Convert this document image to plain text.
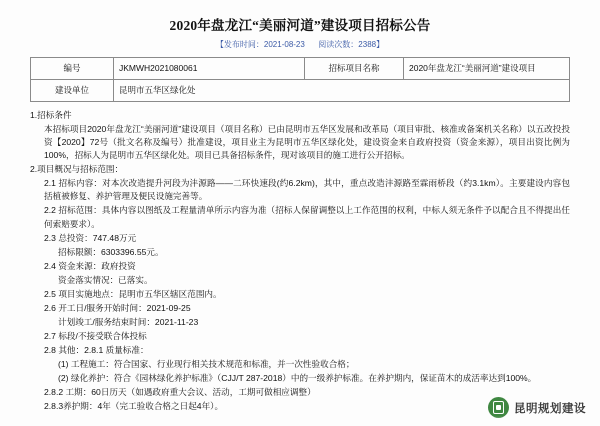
2020年盘龙江“美丽河道”建设项目招标公告
【发布时间：2021-08-23 阅读次数：2388】
编号	JKMWH2021080061	招标项目名称	2020年盘龙江“美丽河道”建设项目
建设单位	昆明市五华区绿化处		

1.招标条件

本招标项目2020年盘龙江“美丽河道”建设项目（项目名称）已由昆明市五华区发展和改革局（项目审批、核准或备案机关名称）以五改投投资【2020】72号（批文名称及编号）批准建设，项目业主为昆明市五华区绿化处，建设资金来自政府投资（资金来源），项目出资比例为100%，招标人为昆明市五华区绿化处。项目已具备招标条件，现对该项目的施工进行公开招标。

2.项目概况与招标范围：

2.1 招标内容：对本次改造提升河段为沣源路——二环快速段(约6.2km)，其中，重点改造沣源路至霖雨桥段（约3.1km）。主要建设内容包括植被修复、养护管理及便民设施完善等。

2.2 招标范围：具体内容以图纸及工程量清单所示内容为准（招标人保留调整以上工作范围的权利，中标人须无条件予以配合且不得提出任何索赔要求）。

2.3 总投资：747.48万元

招标限额：6303396.55元。

2.4 资金来源：政府投资

资金落实情况：已落实。

2.5 项目实施地点：昆明市五华区辖区范围内。

2.6 开工日/服务开始时间：2021-09-25

计划竣工/服务结束时间：2021-11-23

2.7 标段/不接受联合体投标

2.8 其他：2.8.1 质量标准：

(1) 工程施工：符合国家、行业现行相关技术规范和标准，并一次性验收合格；

(2) 绿化养护：符合《园林绿化养护标准》（CJJ/T 287-2018）中的一级养护标准。在养护期内，保证苗木的成活率达到100%。

2.8.2 工期：60日历天（如遇政府重大会议、活动，工期可做相应调整）

2.8.3养护期：4年（完工验收合格之日起4年）。	昆明规划建设
